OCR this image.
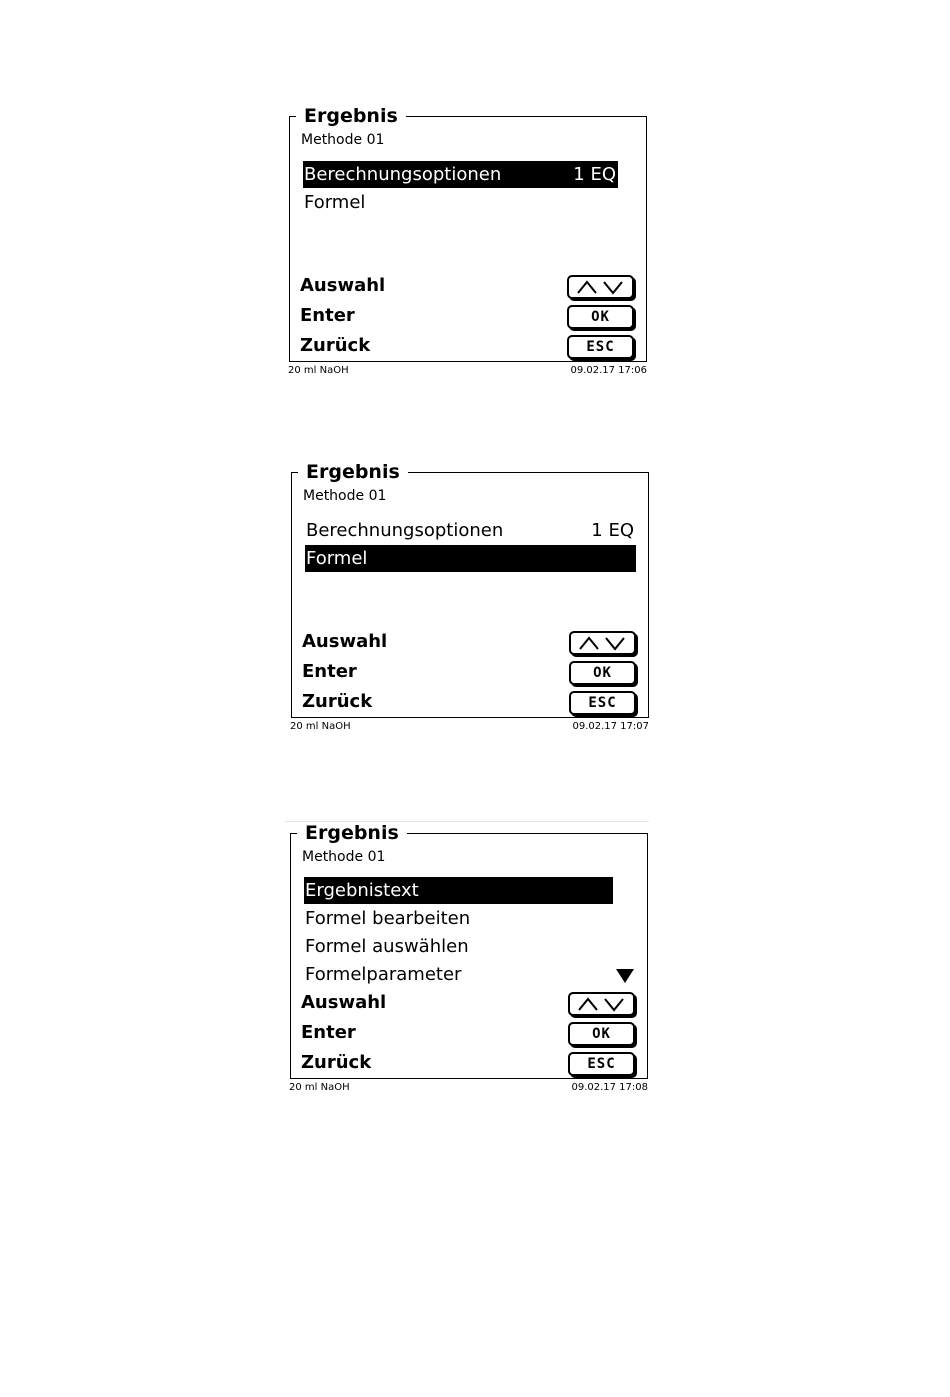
Ergebnis
Methode 01
Berechnungsoptionen	1 EQ
Formel
Auswahl
Enter	OK
Zurück	ESC
20 ml NaOH	09.02.17 17:06
Ergebnis
Methode 01
Berechnungsoptionen	1 EQ
Formel
Auswahl
Enter	OK
Zurück	ESC
20 ml NaOH	09.02.17 17:07
Ergebnis
Methode 01
Ergebnistext
Formel bearbeiten
Formel auswählen
Formelparameter
Auswahl
Enter	OK
Zurück	ESC
20 ml NaOH	09.02.17 17:08
